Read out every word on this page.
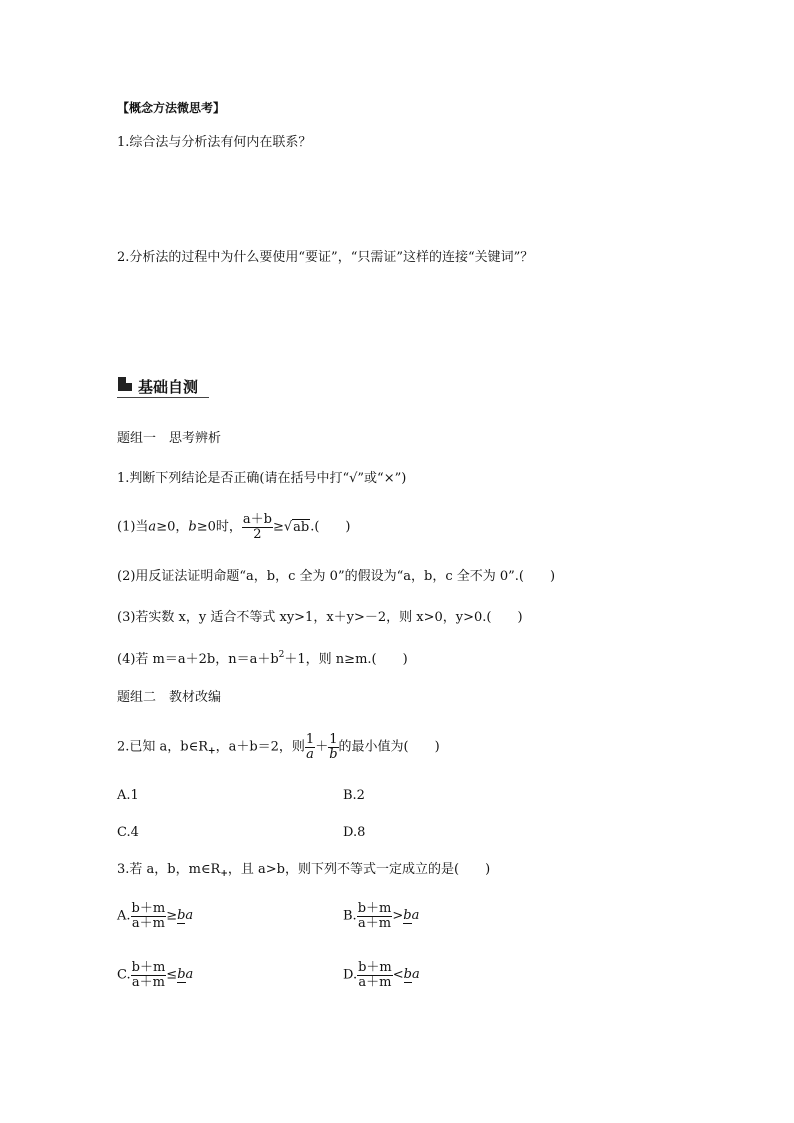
【概念方法微思考】
1.综合法与分析法有何内在联系？
2.分析法的过程中为什么要使用“要证”，“只需证”这样的连接“关键词”？
基础自测
题组一　思考辨析
1.判断下列结论是否正确(请在括号中打“√”或“×”)
(1)当a≥0，b≥0时， $\frac{a+b}{2} \ge√ab$.(　　)
(2)用反证法证明命题“a，b，c 全为 0”的假设为“a，b，c 全不为 0”.(　　)
(3)若实数 x，y 适合不等式 xy>1，x＋y>－2，则 x>0，y>0.(　　)
(4)若 m＝a＋2b，$n=a+b^2+1$，则 n≥m.(　　)
题组二　教材改编
2.已知 a，$b\in R_+$，a＋b＝2，则 $\frac{1}{a}+ \frac{1}{b}$的最小值为(　　)
A.1	B.2
C.4	D.8
3.若 a，b，$m\in R_+$，且 a>b，则下列不等式一定成立的是(　　)
A. $\frac{b+m}{a+m} \ge ba$	B. $\frac{b+m}{a+m} >ba$
C. $\frac{b+m}{a+m} \le ba$	D. $\frac{b+m}{a+m} <ba$
